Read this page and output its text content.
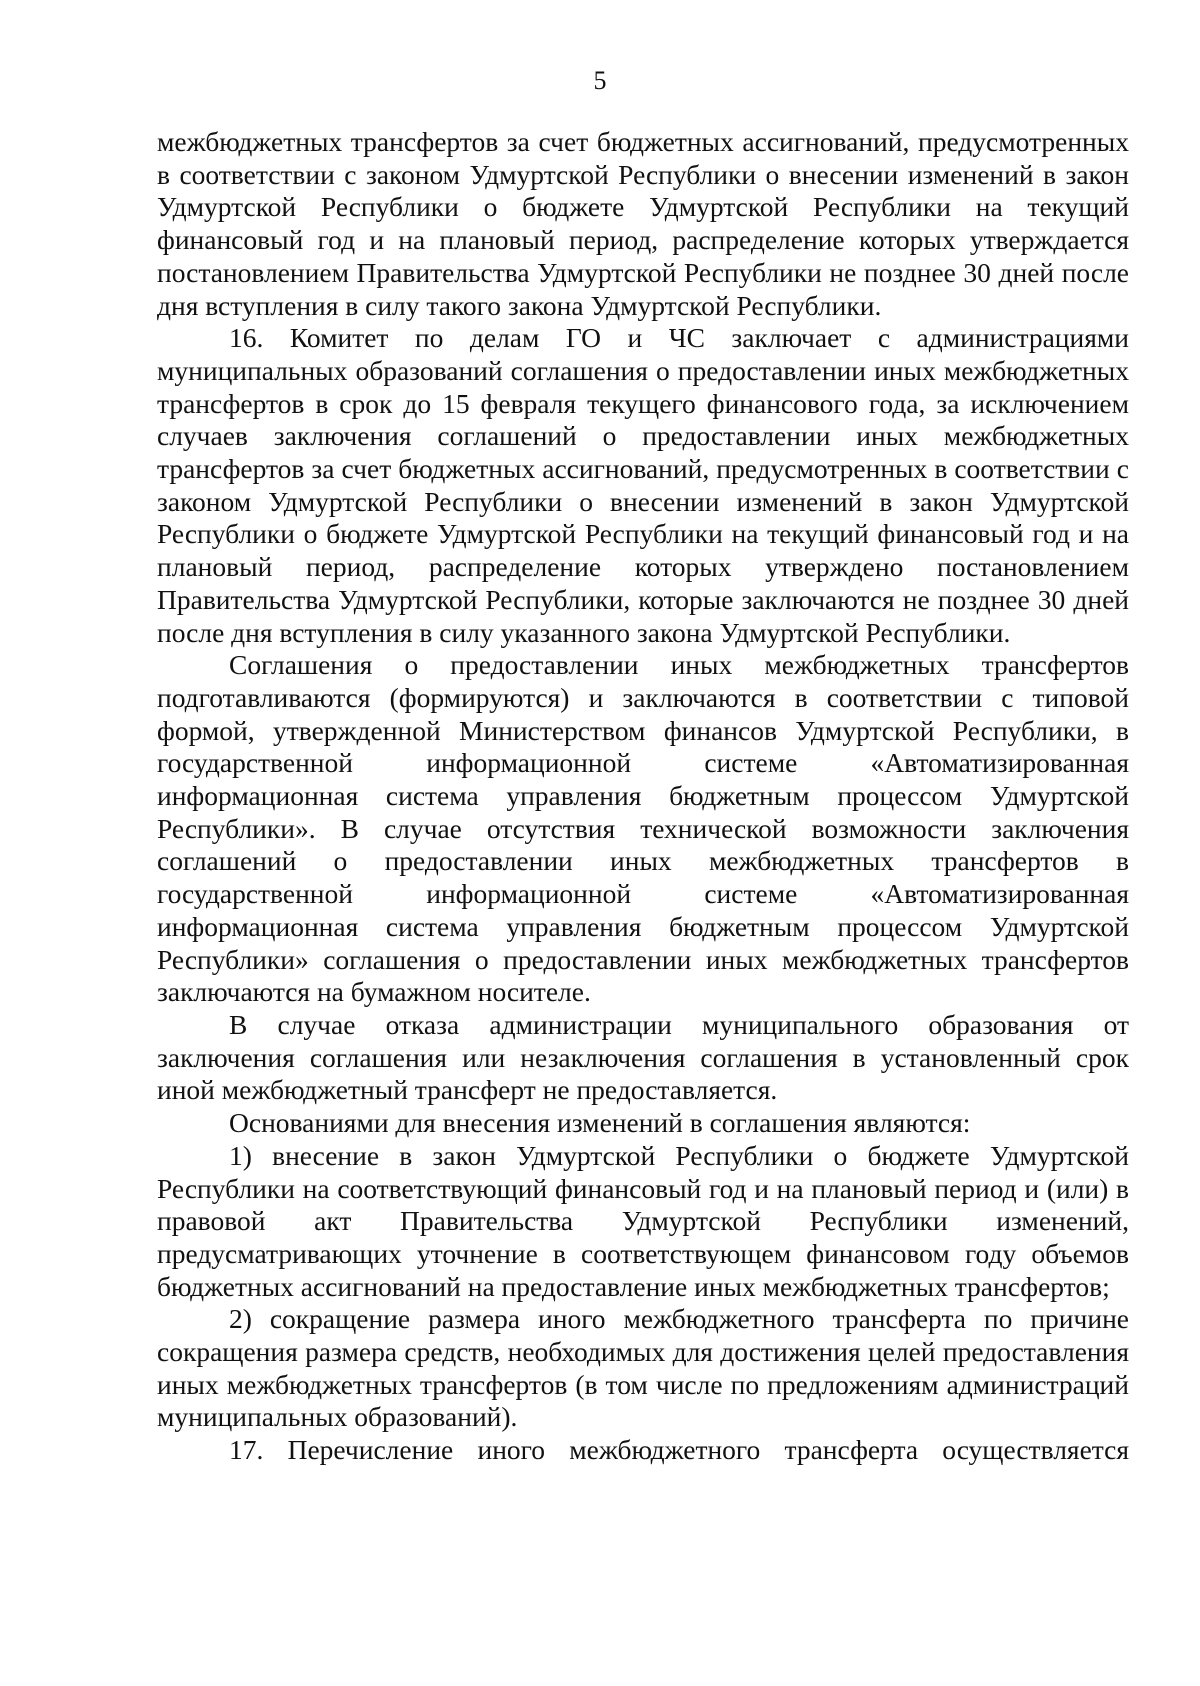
5

межбюджетных трансфертов за счет бюджетных ассигнований, предусмотренных в соответствии с законом Удмуртской Республики о внесении изменений в закон Удмуртской Республики о бюджете Удмуртской Республики на текущий финансовый год и на плановый период, распределение которых утверждается постановлением Правительства Удмуртской Республики не позднее 30 дней после дня вступления в силу такого закона Удмуртской Республики.

16. Комитет по делам ГО и ЧС заключает с администрациями муниципальных образований соглашения о предоставлении иных межбюджетных трансфертов в срок до 15 февраля текущего финансового года, за исключением случаев заключения соглашений о предоставлении иных межбюджетных трансфертов за счет бюджетных ассигнований, предусмотренных в соответствии с законом Удмуртской Республики о внесении изменений в закон Удмуртской Республики о бюджете Удмуртской Республики на текущий финансовый год и на плановый период, распределение которых утверждено постановлением Правительства Удмуртской Республики, которые заключаются не позднее 30 дней после дня вступления в силу указанного закона Удмуртской Республики.

Соглашения о предоставлении иных межбюджетных трансфертов подготавливаются (формируются) и заключаются в соответствии с типовой формой, утвержденной Министерством финансов Удмуртской Республики, в государственной информационной системе «Автоматизированная информационная система управления бюджетным процессом Удмуртской Республики». В случае отсутствия технической возможности заключения соглашений о предоставлении иных межбюджетных трансфертов в государственной информационной системе «Автоматизированная информационная система управления бюджетным процессом Удмуртской Республики» соглашения о предоставлении иных межбюджетных трансфертов заключаются на бумажном носителе.

В случае отказа администрации муниципального образования от заключения соглашения или незаключения соглашения в установленный срок иной межбюджетный трансферт не предоставляется.

Основаниями для внесения изменений в соглашения являются:

1) внесение в закон Удмуртской Республики о бюджете Удмуртской Республики на соответствующий финансовый год и на плановый период и (или) в правовой акт Правительства Удмуртской Республики изменений, предусматривающих уточнение в соответствующем финансовом году объемов бюджетных ассигнований на предоставление иных межбюджетных трансфертов;

2) сокращение размера иного межбюджетного трансферта по причине сокращения размера средств, необходимых для достижения целей предоставления иных межбюджетных трансфертов (в том числе по предложениям администраций муниципальных образований).

17. Перечисление иного межбюджетного трансферта осуществляется
